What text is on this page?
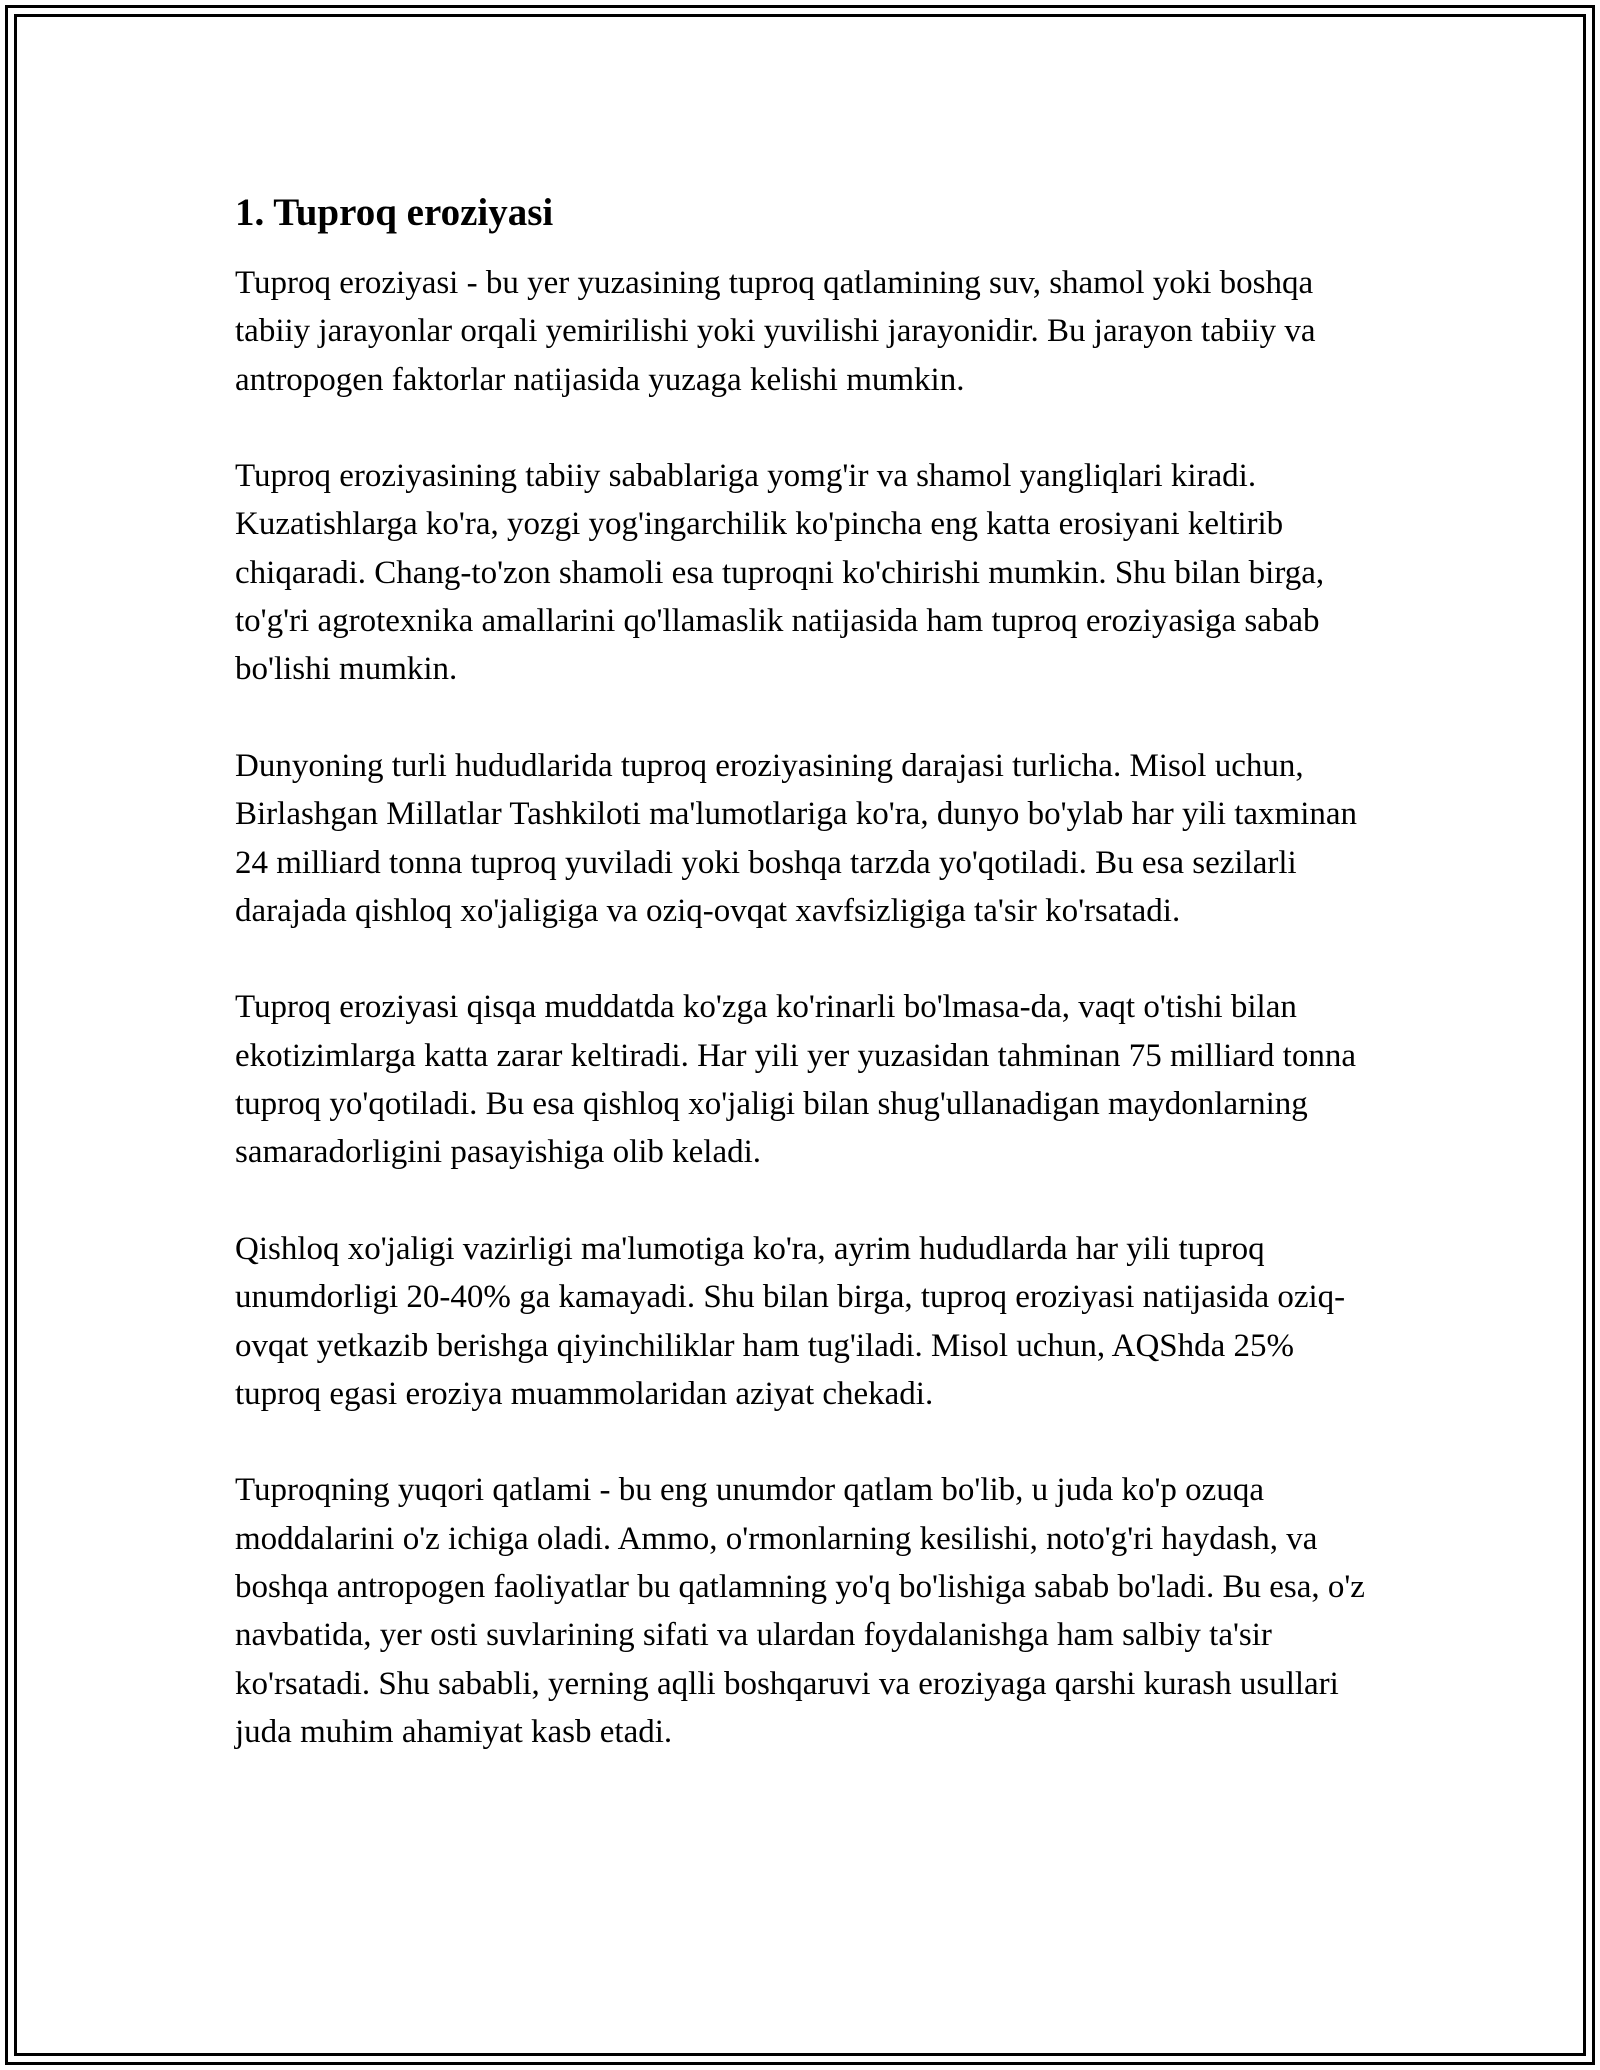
1. Tuproq eroziyasi

Tuproq eroziyasi - bu yer yuzasining tuproq qatlamining suv, shamol yoki boshqa tabiiy jarayonlar orqali yemirilishi yoki yuvilishi jarayonidir. Bu jarayon tabiiy va antropogen faktorlar natijasida yuzaga kelishi mumkin.

Tuproq eroziyasining tabiiy sabablariga yomg'ir va shamol yangliqlari kiradi. Kuzatishlarga ko'ra, yozgi yog'ingarchilik ko'pincha eng katta erosiyani keltirib chiqaradi. Chang-to'zon shamoli esa tuproqni ko'chirishi mumkin. Shu bilan birga, to'g'ri agrotexnika amallarini qo'llamaslik natijasida ham tuproq eroziyasiga sabab bo'lishi mumkin.

Dunyoning turli hududlarida tuproq eroziyasining darajasi turlicha. Misol uchun, Birlashgan Millatlar Tashkiloti ma'lumotlariga ko'ra, dunyo bo'ylab har yili taxminan 24 milliard tonna tuproq yuviladi yoki boshqa tarzda yo'qotiladi. Bu esa sezilarli darajada qishloq xo'jaligiga va oziq-ovqat xavfsizligiga ta'sir ko'rsatadi.

Tuproq eroziyasi qisqa muddatda ko'zga ko'rinarli bo'lmasa-da, vaqt o'tishi bilan ekotizimlarga katta zarar keltiradi. Har yili yer yuzasidan tahminan 75 milliard tonna tuproq yo'qotiladi. Bu esa qishloq xo'jaligi bilan shug'ullanadigan maydonlarning samaradorligini pasayishiga olib keladi.

Qishloq xo'jaligi vazirligi ma'lumotiga ko'ra, ayrim hududlarda har yili tuproq unumdorligi 20-40% ga kamayadi. Shu bilan birga, tuproq eroziyasi natijasida oziq-ovqat yetkazib berishga qiyinchiliklar ham tug'iladi. Misol uchun, AQShda 25% tuproq egasi eroziya muammolaridan aziyat chekadi.

Tuproqning yuqori qatlami - bu eng unumdor qatlam bo'lib, u juda ko'p ozuqa moddalarini o'z ichiga oladi. Ammo, o'rmonlarning kesilishi, noto'g'ri haydash, va boshqa antropogen faoliyatlar bu qatlamning yo'q bo'lishiga sabab bo'ladi. Bu esa, o'z navbatida, yer osti suvlarining sifati va ulardan foydalanishga ham salbiy ta'sir ko'rsatadi. Shu sababli, yerning aqlli boshqaruvi va eroziyaga qarshi kurash usullari juda muhim ahamiyat kasb etadi.
